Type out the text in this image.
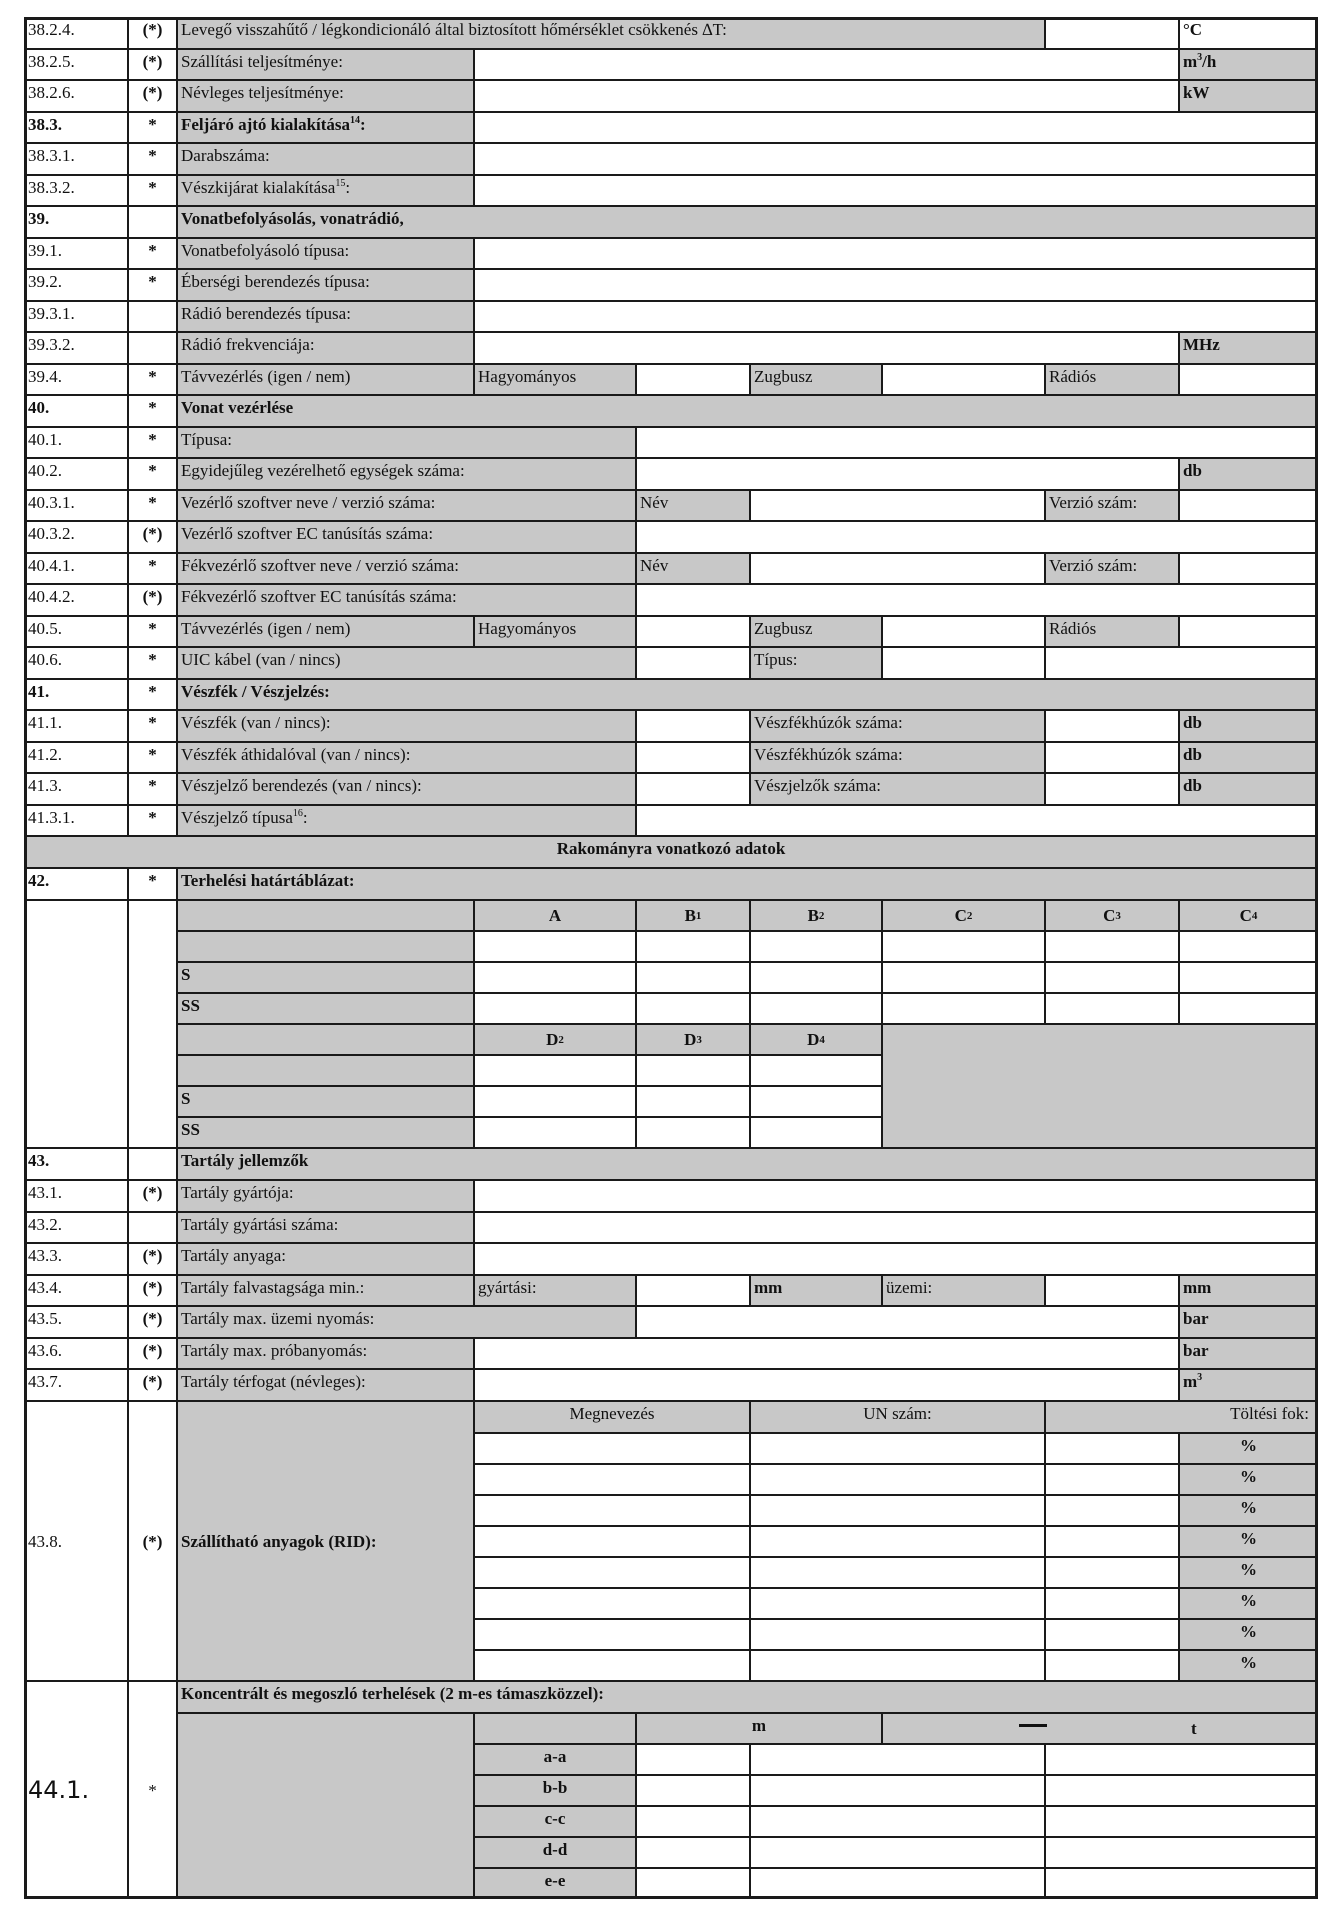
38.2.4.	(*)	Levegő visszahűtő / légkondicionáló által biztosított hőmérséklet csökkenés ∆T:	°C
38.2.5.	(*)	Szállítási teljesítménye:	$m^3/h$
38.2.6.	(*)	Névleges teljesítménye:	kW
38.3.	*	Feljáró ajtó kialakítása$^{14}$:
38.3.1.	*	Darabszáma:
38.3.2.	*	Vészkijárat kialakítása$^{15}$:
39.	Vonatbefolyásolás, vonatrádió,
39.1.	*	Vonatbefolyásoló típusa:
39.2.	*	Éberségi berendezés típusa:
39.3.1.	Rádió berendezés típusa:
39.3.2.	Rádió frekvenciája:	MHz
39.4.	*	Távvezérlés (igen / nem)	Hagyományos	Zugbusz	Rádiós
40.	*	Vonat vezérlése
40.1.	*	Típusa:
40.2.	*	Egyidejűleg vezérelhető egységek száma:	db
40.3.1.	*	Vezérlő szoftver neve / verzió száma:	Név	Verzió szám:
40.3.2.	(*)	Vezérlő szoftver EC tanúsítás száma:
40.4.1.	*	Fékvezérlő szoftver neve / verzió száma:	Név	Verzió szám:
40.4.2.	(*)	Fékvezérlő szoftver EC tanúsítás száma:
40.5.	*	Távvezérlés (igen / nem)	Hagyományos	Zugbusz	Rádiós
40.6.	*	UIC kábel (van / nincs)	Típus:
41.	*	Vészfék / Vészjelzés:
41.1.	*	Vészfék (van / nincs):	Vészfékhúzók száma:	db
41.2.	*	Vészfék áthidalóval (van / nincs):	Vészfékhúzók száma:	db
41.3.	*	Vészjelző berendezés (van / nincs):	Vészjelzők száma:	db
41.3.1.	*	Vészjelző típusa$^{16}$:
Rakományra vonatkozó adatok
42.	*	Terhelési határtáblázat:
A	B 1	B 2	C 2	C 3	C 4
S
SS
D 2	D 3	D 4
S
SS
43.	Tartály jellemzők
43.1.	(*)	Tartály gyártója:
43.2.	Tartály gyártási száma:
43.3.	(*)	Tartály anyaga:
43.4.	(*)	Tartály falvastagsága min.:	gyártási:	mm	üzemi:	mm
43.5.	(*)	Tartály max. üzemi nyomás:	bar
43.6.	(*)	Tartály max. próbanyomás:	bar
43.7.	(*)	Tartály térfogat (névleges):	$m^3$
43.8.	(*)	Szállítható anyagok (RID):
Megnevezés	UN szám:	Töltési fok:
%
%
%
%
%
%
%
%
44.1.	*
Koncentrált és megoszló terhelések (2 m-es támaszközzel):
m	t
a-a
b-b
c-c
d-d
e-e
